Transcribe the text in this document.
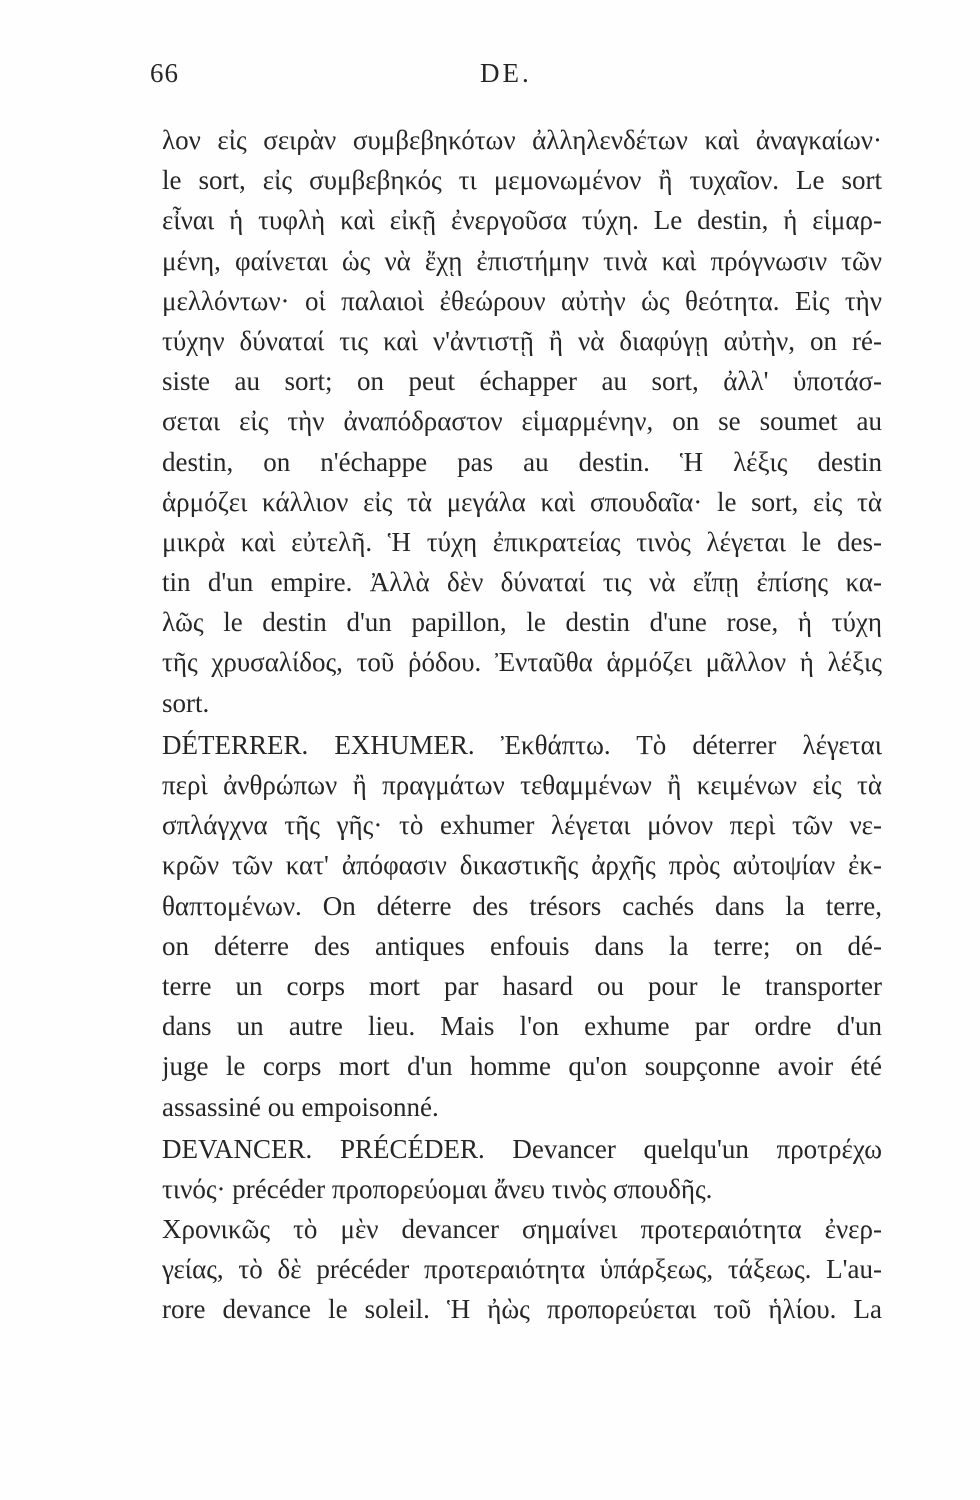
66	DE.
λον εἰς σειρὰν συμβεβηκότων ἀλληλενδέτων καὶ ἀναγκαίων·
le sort, εἰς συμβεβηκός τι μεμονωμένον ἢ τυχαῖον. Le sort
εἶναι ἡ τυφλὴ καὶ εἰκῇ ἐνεργοῦσα τύχη. Le destin, ἡ εἱμαρ-
μένη, φαίνεται ὡς νὰ ἔχῃ ἐπιστήμην τινὰ καὶ πρόγνωσιν τῶν
μελλόντων· οἱ παλαιοὶ ἐθεώρουν αὐτὴν ὡς θεότητα. Εἰς τὴν
τύχην δύναταί τις καὶ ν'ἀντιστῇ ἢ νὰ διαφύγῃ αὐτὴν, on ré-
siste au sort; on peut échapper au sort, ἀλλ' ὑποτάσ-
σεται εἰς τὴν ἀναπόδραστον εἱμαρμένην, on se soumet au
destin, on n'échappe pas au destin. Ἡ λέξις destin
ἁρμόζει κάλλιον εἰς τὰ μεγάλα καὶ σπουδαῖα· le sort, εἰς τὰ
μικρὰ καὶ εὐτελῆ. Ἡ τύχη ἐπικρατείας τινὸς λέγεται le des-
tin d'un empire. Ἀλλὰ δὲν δύναταί τις νὰ εἴπῃ ἐπίσης κα-
λῶς le destin d'un papillon, le destin d'une rose, ἡ τύχη
τῆς χρυσαλίδος, τοῦ ῥόδου. Ἐνταῦθα ἁρμόζει μᾶλλον ἡ λέξις
sort.
DÉTERRER. EXHUMER. Ἐκθάπτω. Τὸ déterrer λέγεται
περὶ ἀνθρώπων ἢ πραγμάτων τεθαμμένων ἢ κειμένων εἰς τὰ
σπλάγχνα τῆς γῆς· τὸ exhumer λέγεται μόνον περὶ τῶν νε-
κρῶν τῶν κατ' ἀπόφασιν δικαστικῆς ἀρχῆς πρὸς αὐτοψίαν ἐκ-
θαπτομένων. On déterre des trésors cachés dans la terre,
on déterre des antiques enfouis dans la terre; on dé-
terre un corps mort par hasard ou pour le transporter
dans un autre lieu. Mais l'on exhume par ordre d'un
juge le corps mort d'un homme qu'on soupçonne avoir été
assassiné ou empoisonné.
DEVANCER. PRÉCÉDER. Devancer quelqu'un προτρέχω
τινός· précéder προπορεύομαι ἄνευ τινὸς σπουδῆς.
Χρονικῶς τὸ μὲν devancer σημαίνει προτεραιότητα ἐνερ-
γείας, τὸ δὲ précéder προτεραιότητα ὑπάρξεως, τάξεως. L'au-
rore devance le soleil. Ἡ ἠὼς προπορεύεται τοῦ ἡλίου. La
